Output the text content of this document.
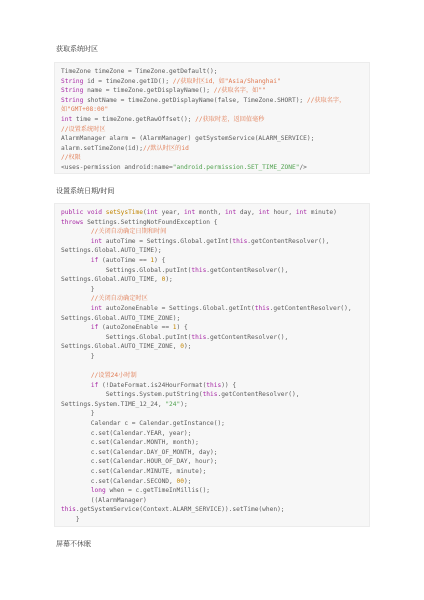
获取系统时区
TimeZone timeZone = TimeZone.getDefault();
String id = timeZone.getID(); //获取时区id，如"Asia/Shanghai"
String name = timeZone.getDisplayName(); //获取名字，如""
String shotName = timeZone.getDisplayName(false, TimeZone.SHORT); //获取名字，
如"GMT+08:00"
int time = timeZone.getRawOffset(); //获取时差，返回值毫秒
//设置系统时区
AlarmManager alarm = (AlarmManager) getSystemService(ALARM_SERVICE);
alarm.setTimeZone(id);//默认时区的id
//权限
<uses-permission android:name="android.permission.SET_TIME_ZONE"/>
设置系统日期/时间
public void setSysTime(int year, int month, int day, int hour, int minute)
throws Settings.SettingNotFoundException {
//关闭自动确定日期和时间
int autoTime = Settings.Global.getInt(this.getContentResolver(),
Settings.Global.AUTO_TIME);
if (autoTime == 1) {
Settings.Global.putInt(this.getContentResolver(),
Settings.Global.AUTO_TIME, 0);
}
//关闭自动确定时区
int autoZoneEnable = Settings.Global.getInt(this.getContentResolver(),
Settings.Global.AUTO_TIME_ZONE);
if (autoZoneEnable == 1) {
Settings.Global.putInt(this.getContentResolver(),
Settings.Global.AUTO_TIME_ZONE, 0);
}
//设置24小时制
if (!DateFormat.is24HourFormat(this)) {
Settings.System.putString(this.getContentResolver(),
Settings.System.TIME_12_24, "24");
}
Calendar c = Calendar.getInstance();
c.set(Calendar.YEAR, year);
c.set(Calendar.MONTH, month);
c.set(Calendar.DAY_OF_MONTH, day);
c.set(Calendar.HOUR_OF_DAY, hour);
c.set(Calendar.MINUTE, minute);
c.set(Calendar.SECOND, 00);
long when = c.getTimeInMillis();
((AlarmManager)
this.getSystemService(Context.ALARM_SERVICE)).setTime(when);
}
屏幕不休眠
